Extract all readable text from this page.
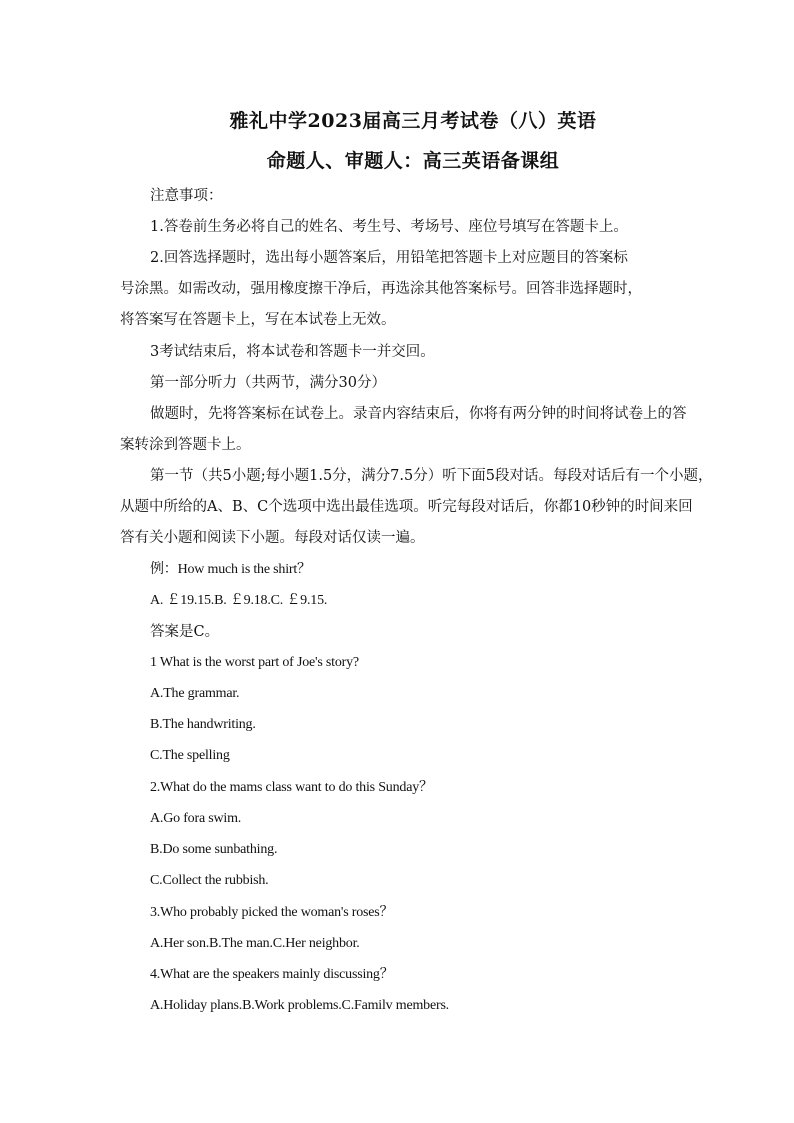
雅礼中学2023届高三月考试卷（八）英语
命题人、审题人：高三英语备课组
注意事项：
1.答卷前生务必将自己的姓名、考生号、考场号、座位号填写在答题卡上。
2.回答选择题时，选出每小题答案后，用铅笔把答题卡上对应题目的答案标
号涂黑。如需改动，强用橡度擦干净后，再选涂其他答案标号。回答非选择题时，
将答案写在答题卡上，写在本试卷上无效。
3考试结束后，将本试卷和答题卡一并交回。
第一部分听力（共两节，满分30分）
做题时，先将答案标在试卷上。录音内容结束后，你将有两分钟的时间将试卷上的答
案转涂到答题卡上。
第一节（共5小题;每小题1.5分，满分7.5分）听下面5段对话。每段对话后有一个小题，
从题中所给的A、B、C个选项中选出最佳选项。听完每段对话后，你都10秒钟的时间来回
答有关小题和阅读下小题。每段对话仅读一遍。
例：How much is the shirt？
A. ￡19.15.B. ￡9.18.C. ￡9.15.
答案是C。
1 What is the worst part of Joe's story?
A.The grammar.
B.The handwriting.
C.The spelling
2.What do the mams class want to do this Sunday？
A.Go fora swim.
B.Do some sunbathing.
C.Collect the rubbish.
3.Who probably picked the woman's roses？
A.Her son.B.The man.C.Her neighbor.
4.What are the speakers mainly discussing？
A.Holiday plans.B.Work problems.C.Familv members.
